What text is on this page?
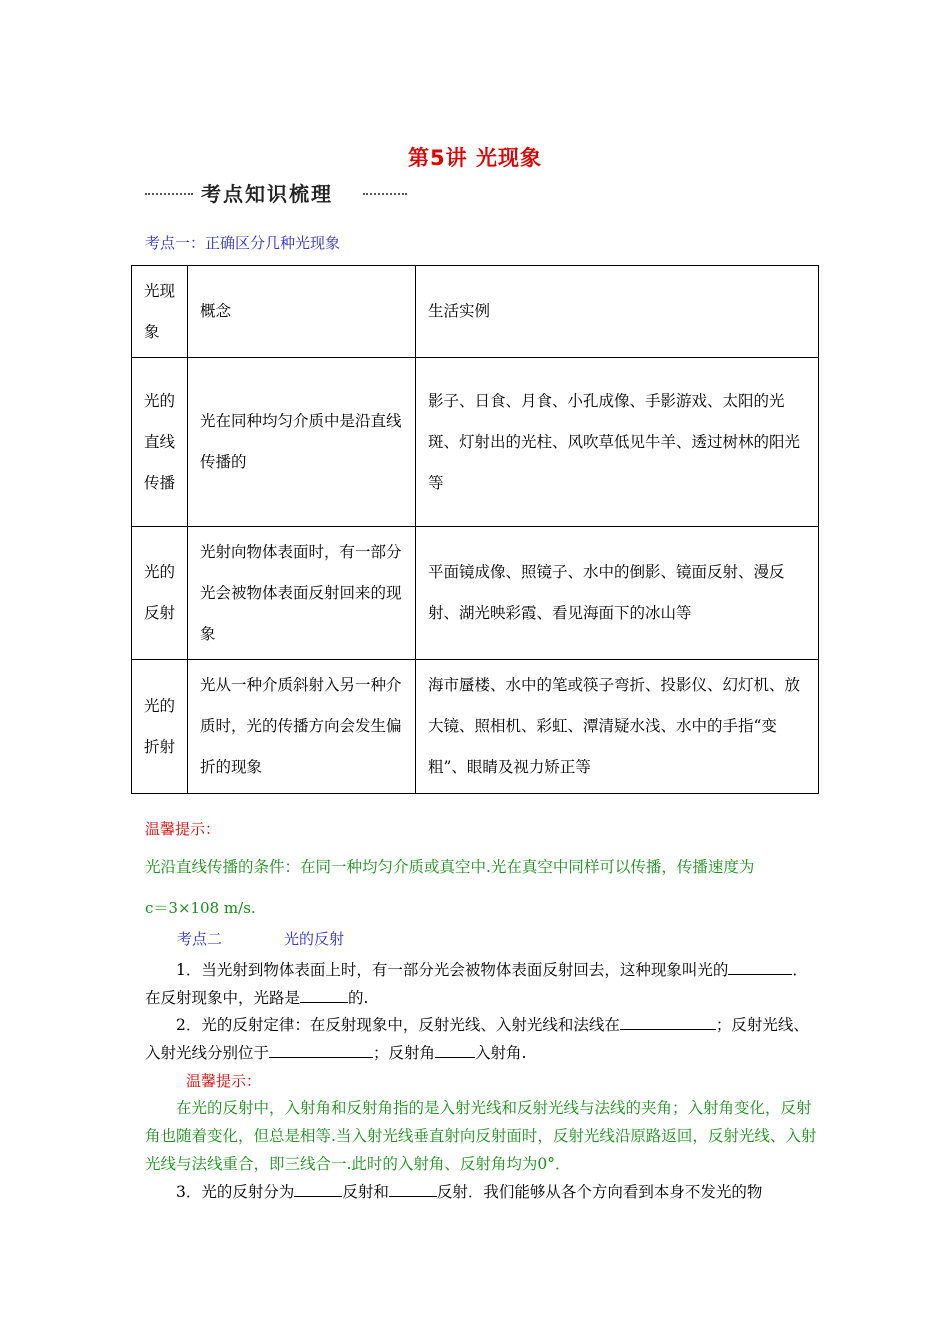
第5讲 光现象
考点知识梳理
考点一：正确区分几种光现象
光现象	概念	生活实例
光的直线传播	光在同种均匀介质中是沿直线传播的	影子、日食、月食、小孔成像、手影游戏、太阳的光斑、灯射出的光柱、风吹草低见牛羊、透过树林的阳光等
光的反射	光射向物体表面时，有一部分光会被物体表面反射回来的现象	平面镜成像、照镜子、水中的倒影、镜面反射、漫反射、湖光映彩霞、看见海面下的冰山等
光的折射	光从一种介质斜射入另一种介质时，光的传播方向会发生偏折的现象	海市蜃楼、水中的笔或筷子弯折、投影仪、幻灯机、放大镜、照相机、彩虹、潭清疑水浅、水中的手指“变粗”、眼睛及视力矫正等
温馨提示：
光沿直线传播的条件：在同一种均匀介质或真空中.光在真空中同样可以传播，传播速度为
c＝3×108 m/s.
考点二	光的反射
1．当光射到物体表面上时，有一部分光会被物体表面反射回去，这种现象叫光的	．在反射现象中，光路是	的.
2．光的反射定律：在反射现象中，反射光线、入射光线和法线在	；反射光线、入射光线分别位于	；反射角	入射角.
温馨提示：
在光的反射中，入射角和反射角指的是入射光线和反射光线与法线的夹角；入射角变化，反射角也随着变化，但总是相等.当入射光线垂直射向反射面时，反射光线沿原路返回，反射光线、入射光线与法线重合，即三线合一.此时的入射角、反射角均为0°．
3．光的反射分为	反射和	反射．我们能够从各个方向看到本身不发光的物
